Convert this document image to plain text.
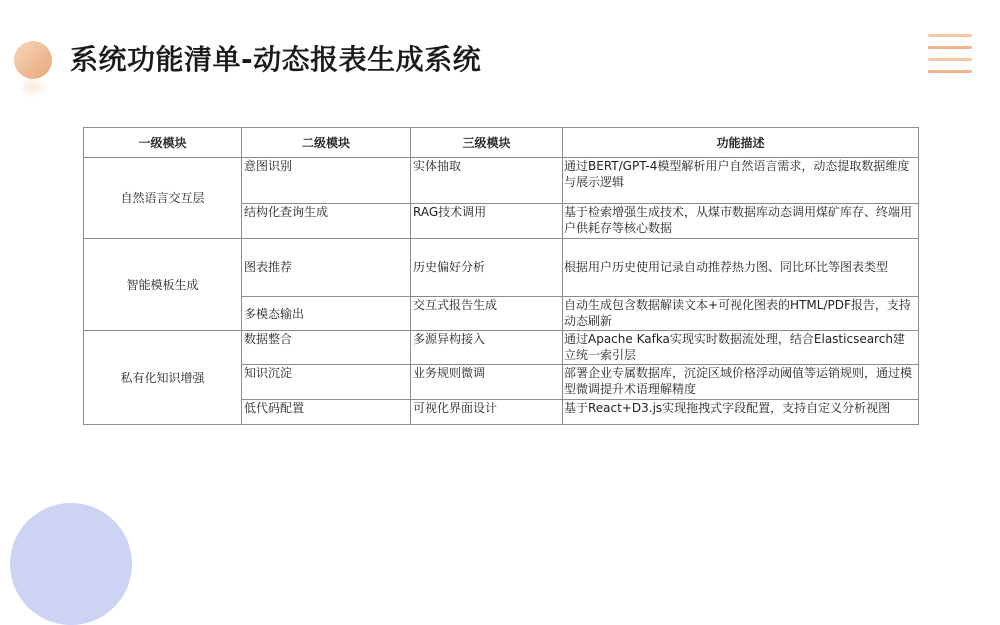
系统功能清单-动态报表生成系统
一级模块	二级模块	三级模块	功能描述
自然语言交互层	意图识别	实体抽取	通过BERT/GPT-4模型解析用户自然语言需求，动态提取数据维度与展示逻辑
	结构化查询生成	RAG技术调用	基于检索增强生成技术，从煤市数据库动态调用煤矿库存、终端用户供耗存等核心数据
智能模板生成	图表推荐	历史偏好分析	根据用户历史使用记录自动推荐热力图、同比环比等图表类型
	多模态输出	交互式报告生成	自动生成包含数据解读文本+可视化图表的HTML/PDF报告，支持动态刷新
私有化知识增强	数据整合	多源异构接入	通过Apache Kafka实现实时数据流处理，结合Elasticsearch建立统一索引层
	知识沉淀	业务规则微调	部署企业专属数据库，沉淀区域价格浮动阈值等运销规则，通过模型微调提升术语理解精度
	低代码配置	可视化界面设计	基于React+D3.js实现拖拽式字段配置，支持自定义分析视图
